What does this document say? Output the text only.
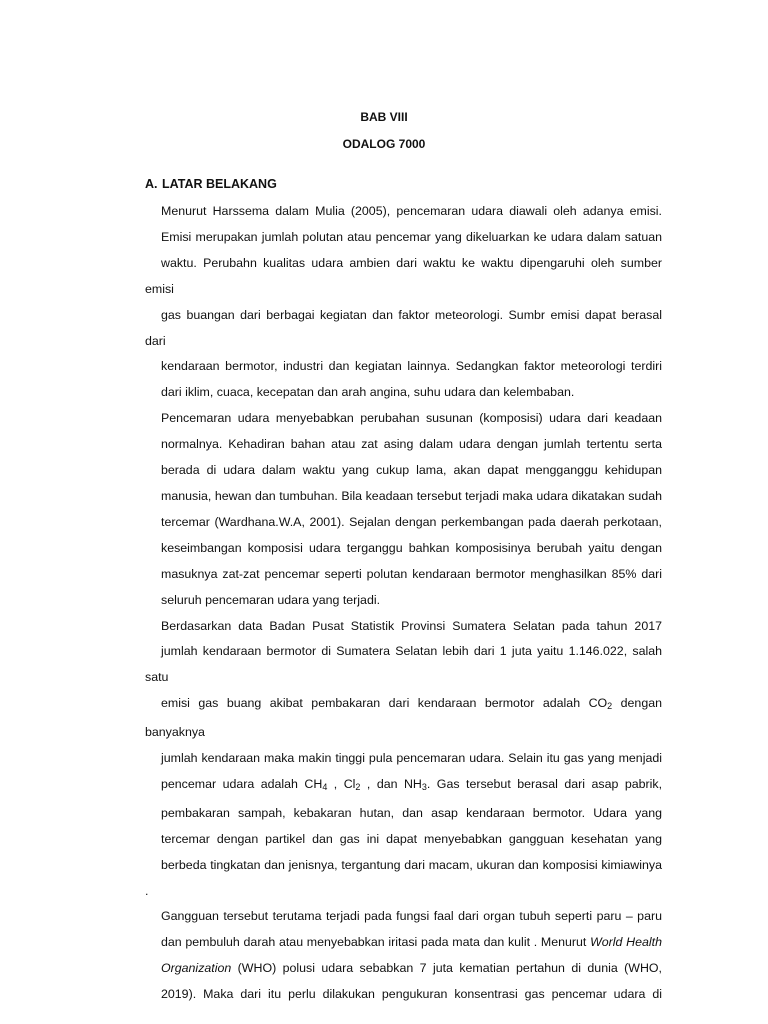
BAB VIII
ODALOG 7000
A. LATAR BELAKANG

Menurut Harssema dalam Mulia (2005), pencemaran udara diawali oleh adanya emisi.
Emisi merupakan jumlah polutan atau pencemar yang dikeluarkan ke udara dalam satuan
waktu. Perubahn kualitas udara ambien dari waktu ke waktu dipengaruhi oleh sumber emisi
gas buangan dari berbagai kegiatan dan faktor meteorologi. Sumbr emisi dapat berasal dari
kendaraan bermotor, industri dan kegiatan lainnya. Sedangkan faktor meteorologi terdiri
dari iklim, cuaca, kecepatan dan arah angina, suhu udara dan kelembaban.

Pencemaran udara menyebabkan perubahan susunan (komposisi) udara dari keadaan
normalnya. Kehadiran bahan atau zat asing dalam udara dengan jumlah tertentu serta
berada di udara dalam waktu yang cukup lama, akan dapat mengganggu kehidupan
manusia, hewan dan tumbuhan. Bila keadaan tersebut terjadi maka udara dikatakan sudah
tercemar (Wardhana.W.A, 2001). Sejalan dengan perkembangan pada daerah perkotaan,
keseimbangan komposisi udara terganggu bahkan komposisinya berubah yaitu dengan
masuknya zat-zat pencemar seperti polutan kendaraan bermotor menghasilkan 85% dari
seluruh pencemaran udara yang terjadi.

Berdasarkan data Badan Pusat Statistik Provinsi Sumatera Selatan pada tahun 2017
jumlah kendaraan bermotor di Sumatera Selatan lebih dari 1 juta yaitu 1.146.022, salah satu
emisi gas buang akibat pembakaran dari kendaraan bermotor adalah $CO_2$ dengan banyaknya
jumlah kendaraan maka makin tinggi pula pencemaran udara. Selain itu gas yang menjadi
pencemar udara adalah $CH_4$ , $Cl_2$ , dan $NH_3$. Gas tersebut berasal dari asap pabrik,
pembakaran sampah, kebakaran hutan, dan asap kendaraan bermotor. Udara yang
tercemar dengan partikel dan gas ini dapat menyebabkan gangguan kesehatan yang
berbeda tingkatan dan jenisnya, tergantung dari macam, ukuran dan komposisi kimiawinya .
Gangguan tersebut terutama terjadi pada fungsi faal dari organ tubuh seperti paru – paru
dan pembuluh darah atau menyebabkan iritasi pada mata dan kulit . Menurut World Health
Organization (WHO) polusi udara sebabkan 7 juta kematian pertahun di dunia (WHO,
2019). Maka dari itu perlu dilakukan pengukuran konsentrasi gas pencemar udara di
